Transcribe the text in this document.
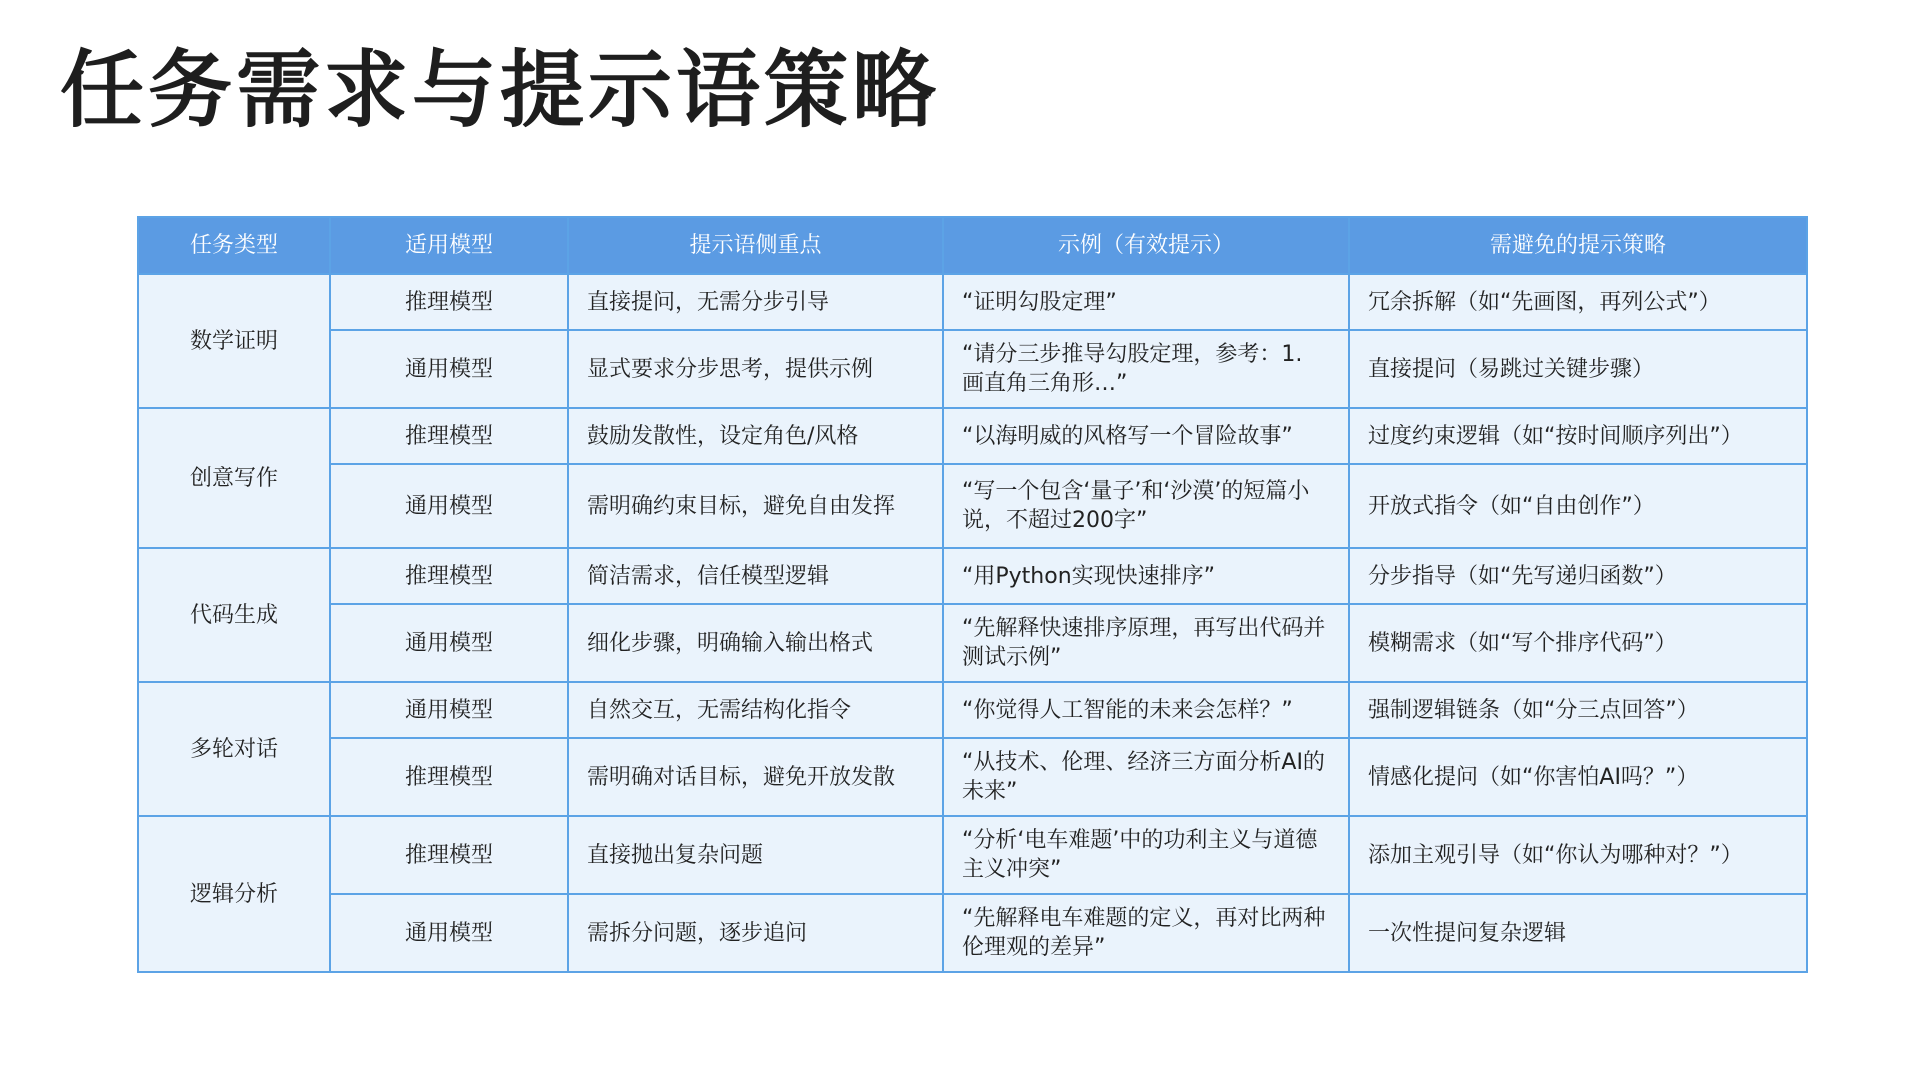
任务需求与提示语策略
任务类型	适用模型	提示语侧重点	示例（有效提示）	需避免的提示策略
数学证明	推理模型	直接提问，无需分步引导	“证明勾股定理”	冗余拆解（如“先画图，再列公式”）
	通用模型	显式要求分步思考，提供示例	“请分三步推导勾股定理，参考：1. 画直角三角形…”	直接提问（易跳过关键步骤）
创意写作	推理模型	鼓励发散性，设定角色/风格	“以海明威的风格写一个冒险故事”	过度约束逻辑（如“按时间顺序列出”）
	通用模型	需明确约束目标，避免自由发挥	“写一个包含‘量子’和‘沙漠’的短篇小说，不超过200字”	开放式指令（如“自由创作”）
代码生成	推理模型	简洁需求，信任模型逻辑	“用Python实现快速排序”	分步指导（如“先写递归函数”）
	通用模型	细化步骤，明确输入输出格式	“先解释快速排序原理，再写出代码并测试示例”	模糊需求（如“写个排序代码”）
多轮对话	通用模型	自然交互，无需结构化指令	“你觉得人工智能的未来会怎样？”	强制逻辑链条（如“分三点回答”）
	推理模型	需明确对话目标，避免开放发散	“从技术、伦理、经济三方面分析AI的未来”	情感化提问（如“你害怕AI吗？”）
逻辑分析	推理模型	直接抛出复杂问题	“分析‘电车难题’中的功利主义与道德主义冲突”	添加主观引导（如“你认为哪种对？”）
	通用模型	需拆分问题，逐步追问	“先解释电车难题的定义，再对比两种伦理观的差异”	一次性提问复杂逻辑
